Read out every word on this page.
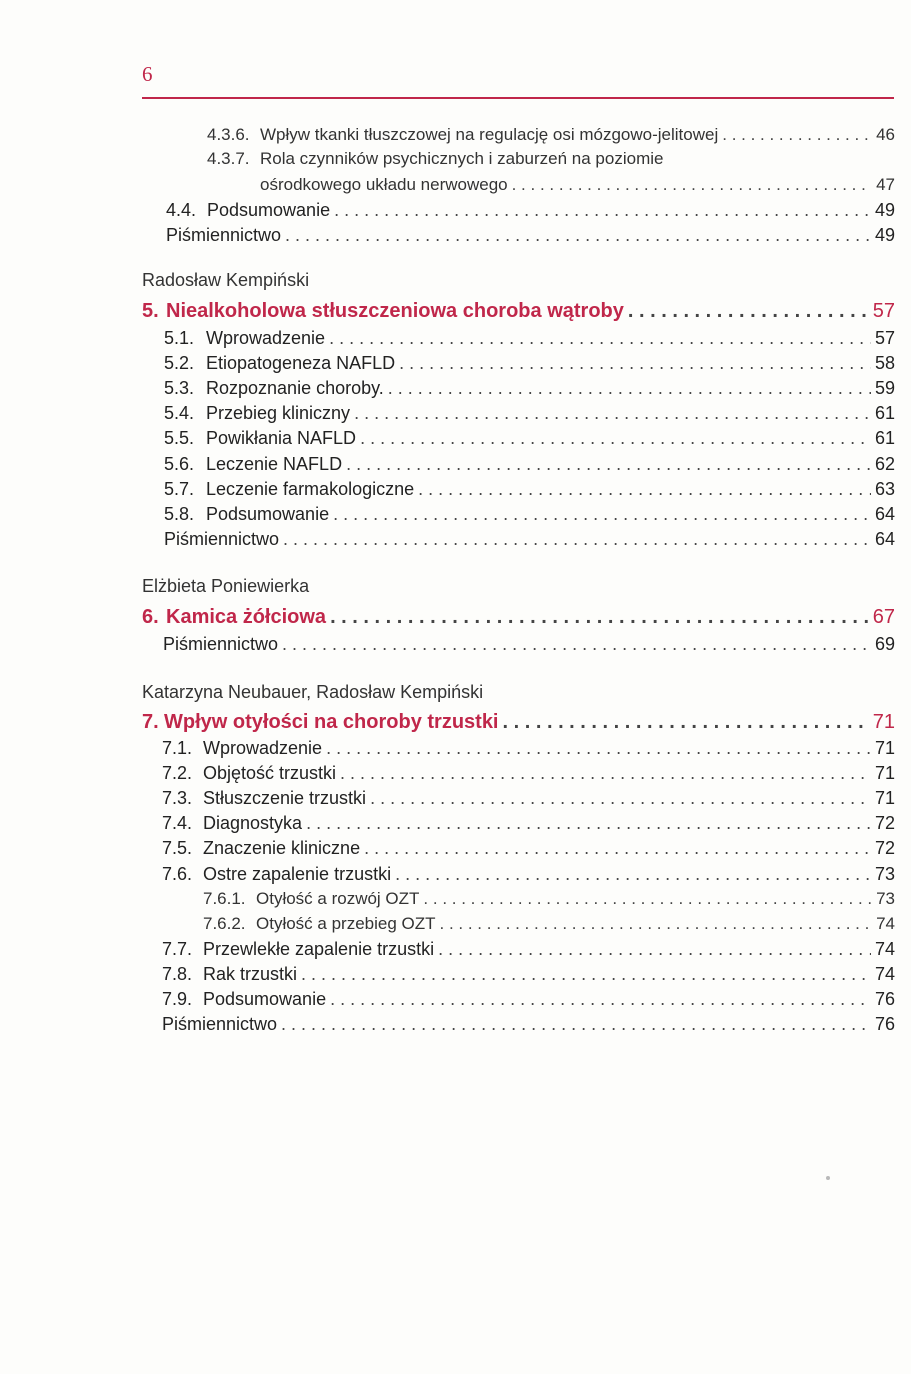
6
4.3.6. Wpływ tkanki tłuszczowej na regulację osi mózgowo-jelitowej . . .	46
4.3.7. Rola czynników psychicznych i zaburzeń na poziomie
ośrodkowego układu nerwowego . . .	47
4.4. Podsumowanie . . .	49
Piśmiennictwo . . .	49
Radosław Kempiński
5. Niealkoholowa stłuszczeniowa choroba wątroby . . .	57
5.1. Wprowadzenie . . .	57
5.2. Etiopatogeneza NAFLD . . .	58
5.3. Rozpoznanie choroby. . . .	59
5.4. Przebieg kliniczny . . .	61
5.5. Powikłania NAFLD . . .	61
5.6. Leczenie NAFLD . . .	62
5.7. Leczenie farmakologiczne . . .	63
5.8. Podsumowanie . . .	64
Piśmiennictwo . . .	64
Elżbieta Poniewierka
6. Kamica żółciowa . . .	67
Piśmiennictwo . . .	69
Katarzyna Neubauer, Radosław Kempiński
7. Wpływ otyłości na choroby trzustki . . .	71
7.1. Wprowadzenie . . .	71
7.2. Objętość trzustki . . .	71
7.3. Stłuszczenie trzustki . . .	71
7.4. Diagnostyka . . .	72
7.5. Znaczenie kliniczne . . .	72
7.6. Ostre zapalenie trzustki . . .	73
7.6.1. Otyłość a rozwój OZT . . .	73
7.6.2. Otyłość a przebieg OZT . . .	74
7.7. Przewlekłe zapalenie trzustki . . .	74
7.8. Rak trzustki . . .	74
7.9. Podsumowanie . . .	76
Piśmiennictwo . . .	76
